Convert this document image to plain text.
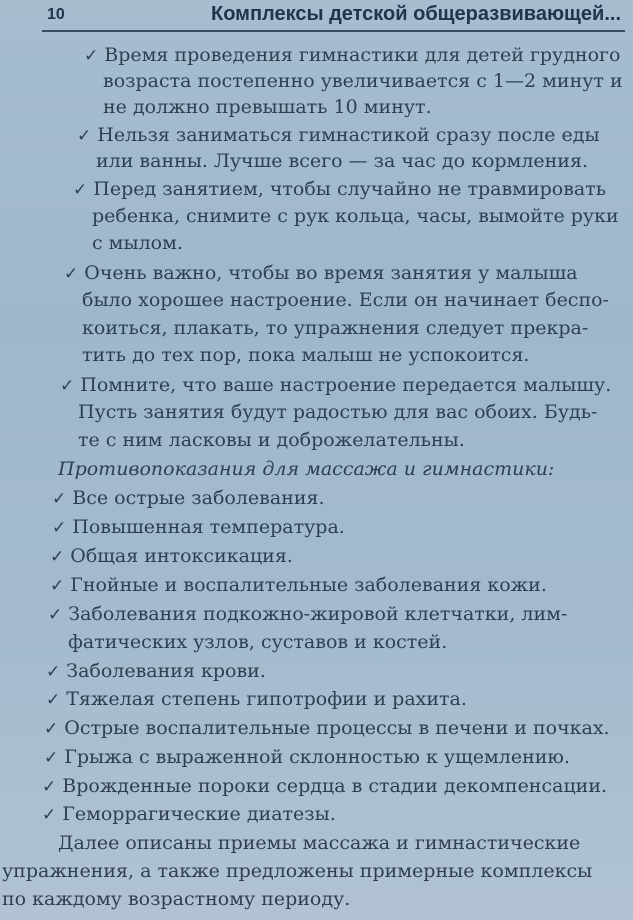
10	Комплексы детской общеразвивающей...
✓ Время проведения гимнастики для детей грудного
возраста постепенно увеличивается с 1—2 минут и
не должно превышать 10 минут.
✓ Нельзя заниматься гимнастикой сразу после еды
или ванны. Лучше всего — за час до кормления.
✓ Перед занятием, чтобы случайно не травмировать
ребенка, снимите с рук кольца, часы, вымойте руки
с мылом.
✓ Очень важно, чтобы во время занятия у малыша
было хорошее настроение. Если он начинает беспо-
коиться, плакать, то упражнения следует прекра-
тить до тех пор, пока малыш не успокоится.
✓ Помните, что ваше настроение передается малышу.
Пусть занятия будут радостью для вас обоих. Будь-
те с ним ласковы и доброжелательны.
Противопоказания для массажа и гимнастики:
✓ Все острые заболевания.
✓ Повышенная температура.
✓ Общая интоксикация.
✓ Гнойные и воспалительные заболевания кожи.
✓ Заболевания подкожно-жировой клетчатки, лим-
фатических узлов, суставов и костей.
✓ Заболевания крови.
✓ Тяжелая степень гипотрофии и рахита.
✓ Острые воспалительные процессы в печени и почках.
✓ Грыжа с выраженной склонностью к ущемлению.
✓ Врожденные пороки сердца в стадии декомпенсации.
✓ Геморрагические диатезы.
Далее описаны приемы массажа и гимнастические
упражнения, а также предложены примерные комплексы
по каждому возрастному периоду.
